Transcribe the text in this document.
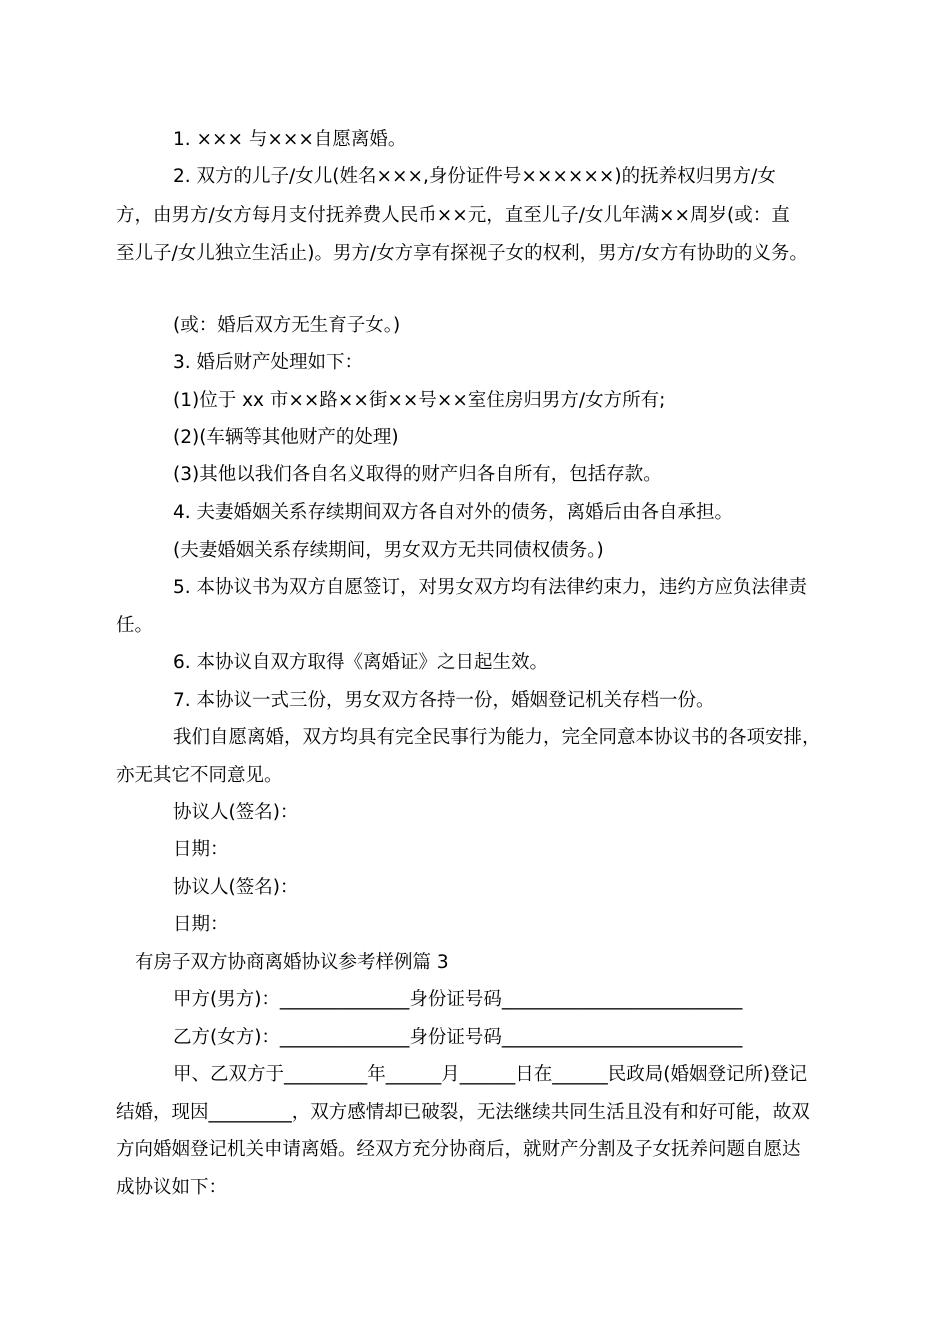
1. ××× 与×××自愿离婚。
2. 双方的儿子/女儿(姓名×××,身份证件号××××××)的抚养权归男方/女
方，由男方/女方每月支付抚养费人民币××元，直至儿子/女儿年满××周岁(或：直
至儿子/女儿独立生活止)。男方/女方享有探视子女的权利，男方/女方有协助的义务。
(或：婚后双方无生育子女。)
3. 婚后财产处理如下：
(1)位于 xx 市××路××街××号××室住房归男方/女方所有;
(2)(车辆等其他财产的处理)
(3)其他以我们各自名义取得的财产归各自所有，包括存款。
4. 夫妻婚姻关系存续期间双方各自对外的债务，离婚后由各自承担。
(夫妻婚姻关系存续期间，男女双方无共同债权债务。)
5. 本协议书为双方自愿签订，对男女双方均有法律约束力，违约方应负法律责
任。
6. 本协议自双方取得《离婚证》之日起生效。
7. 本协议一式三份，男女双方各持一份，婚姻登记机关存档一份。
我们自愿离婚，双方均具有完全民事行为能力，完全同意本协议书的各项安排，
亦无其它不同意见。
协议人(签名)：
日期：
协议人(签名)：
日期：
有房子双方协商离婚协议参考样例篇 3
甲方(男方)：______________身份证号码__________________________
乙方(女方)：______________身份证号码__________________________
甲、乙双方于_________年______月______日在______民政局(婚姻登记所)登记
结婚，现因_________，双方感情却已破裂，无法继续共同生活且没有和好可能，故双
方向婚姻登记机关申请离婚。经双方充分协商后，就财产分割及子女抚养问题自愿达
成协议如下：
